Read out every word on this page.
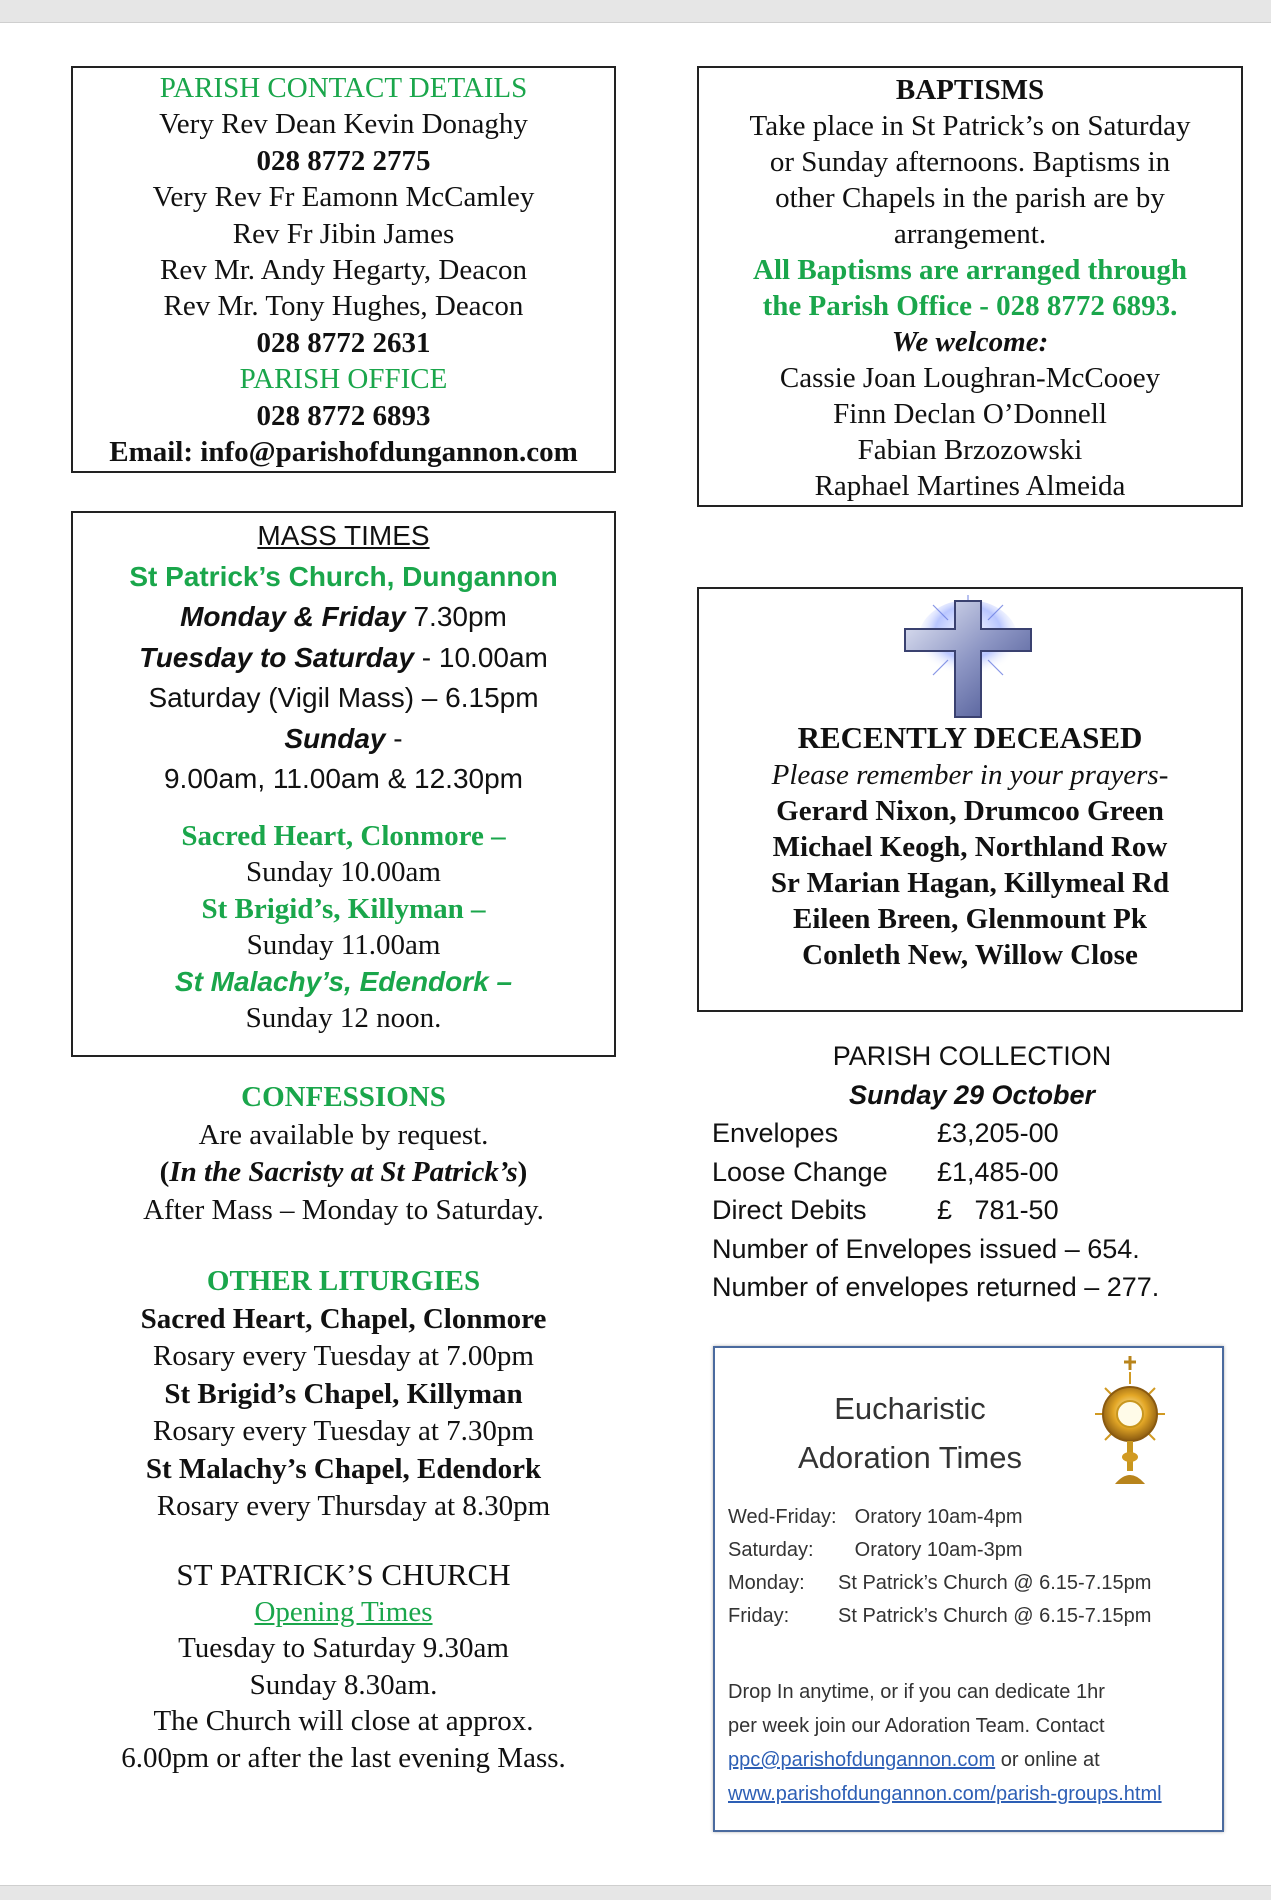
PARISH CONTACT DETAILS
Very Rev Dean Kevin Donaghy
028 8772 2775
Very Rev Fr Eamonn McCamley
Rev Fr Jibin James
Rev Mr. Andy Hegarty, Deacon
Rev Mr. Tony Hughes, Deacon
028 8772 2631
PARISH OFFICE
028 8772 6893
Email: info@parishofdungannon.com
BAPTISMS
Take place in St Patrick’s on Saturday
or Sunday afternoons. Baptisms in
other Chapels in the parish are by
arrangement.
All Baptisms are arranged through
the Parish Office - 028 8772 6893.
We welcome:
Cassie Joan Loughran-McCooey
Finn Declan O’Donnell
Fabian Brzozowski
Raphael Martines Almeida
MASS TIMES
St Patrick’s Church, Dungannon
Monday & Friday 7.30pm
Tuesday to Saturday - 10.00am
Saturday (Vigil Mass) – 6.15pm
Sunday -
9.00am, 11.00am & 12.30pm
Sacred Heart, Clonmore –
Sunday 10.00am
St Brigid’s, Killyman –
Sunday 11.00am
St Malachy’s, Edendork –
Sunday 12 noon.
RECENTLY DECEASED
Please remember in your prayers-
Gerard Nixon, Drumcoo Green
Michael Keogh, Northland Row
Sr Marian Hagan, Killymeal Rd
Eileen Breen, Glenmount Pk
Conleth New, Willow Close
CONFESSIONS
Are available by request.
(In the Sacristy at St Patrick’s)
After Mass – Monday to Saturday.
OTHER LITURGIES
Sacred Heart, Chapel, Clonmore
Rosary every Tuesday at 7.00pm
St Brigid’s Chapel, Killyman
Rosary every Tuesday at 7.30pm
St Malachy’s Chapel, Edendork
Rosary every Thursday at 8.30pm
ST PATRICK’S CHURCH
Opening Times
Tuesday to Saturday 9.30am
Sunday 8.30am.
The Church will close at approx.
6.00pm or after the last evening Mass.
PARISH COLLECTION
Sunday 29 October
Envelopes	£3,205-00
Loose Change £1,485-00
Direct Debits	£   781-50
Number of Envelopes issued – 654.
Number of envelopes returned – 277.
Eucharistic
Adoration Times
Wed-Friday:   Oratory 10am-4pm
Saturday:   Oratory 10am-3pm
Monday: St Patrick’s Church @ 6.15-7.15pm
Friday: St Patrick’s Church @ 6.15-7.15pm
Drop In anytime, or if you can dedicate 1hr
per week join our Adoration Team. Contact
ppc@parishofdungannon.com or online at
www.parishofdungannon.com/parish-groups.html
